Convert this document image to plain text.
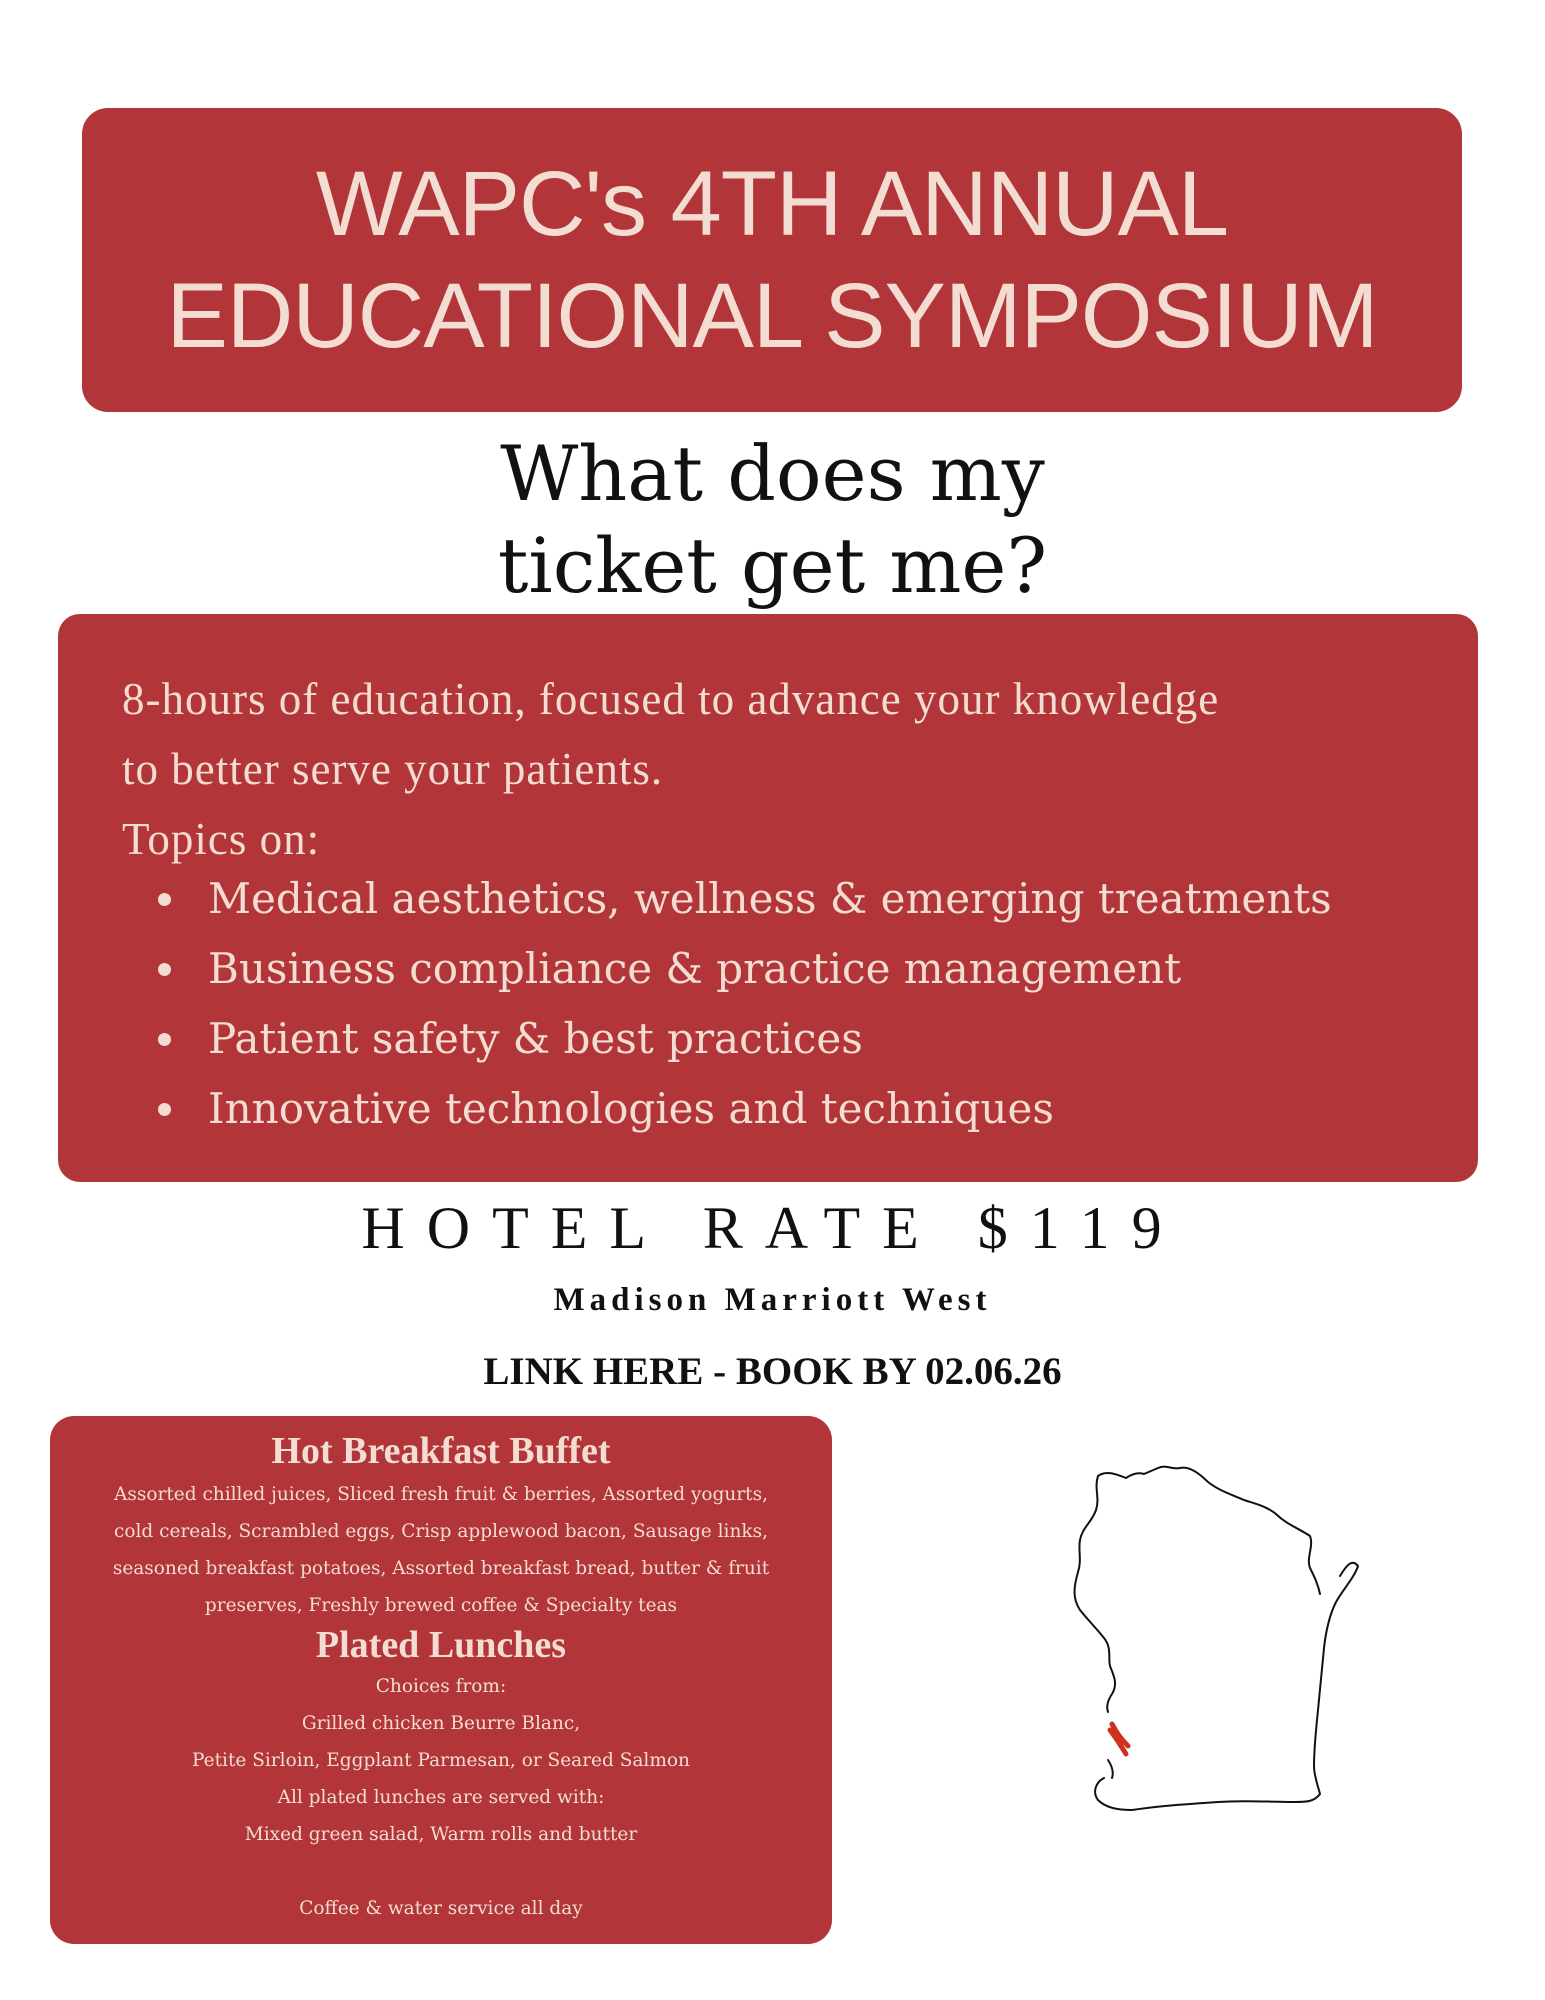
WAPC's 4TH ANNUAL
EDUCATIONAL SYMPOSIUM
What does my
ticket get me?
8-hours of education, focused to advance your knowledge
to better serve your patients.
Topics on:
Medical aesthetics, wellness & emerging treatments
Business compliance & practice management
Patient safety & best practices
Innovative technologies and techniques
HOTEL RATE $119
Madison Marriott West
LINK HERE - BOOK BY 02.06.26
Hot Breakfast Buffet
Assorted chilled juices, Sliced fresh fruit & berries, Assorted yogurts,
cold cereals, Scrambled eggs, Crisp applewood bacon, Sausage links,
seasoned breakfast potatoes, Assorted breakfast bread, butter & fruit
preserves, Freshly brewed coffee & Specialty teas
Plated Lunches
Choices from:
Grilled chicken Beurre Blanc,
Petite Sirloin, Eggplant Parmesan, or Seared Salmon
All plated lunches are served with:
Mixed green salad, Warm rolls and butter
Coffee & water service all day
